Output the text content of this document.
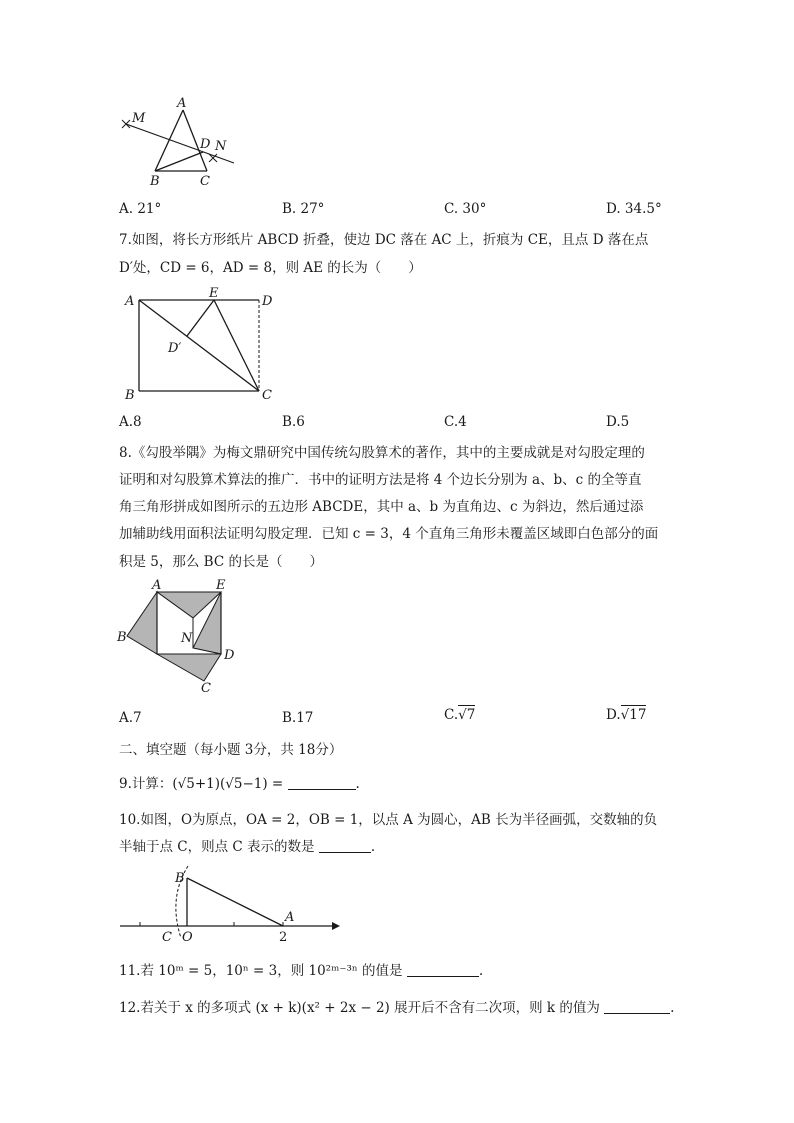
A
M
D N
B	C
A. 21°	B. 27°	C. 30°	D. 34.5°
7.如图，将长方形纸片 ABCD 折叠，使边 DC 落在 AC 上，折痕为 CE，且点 D 落在点
D′处，CD = 6，AD = 8，则 AE 的长为（　　）
A
E
D
D′
B	C
A.8	B.6	C.4	D.5
8.《勾股举隅》为梅文鼎研究中国传统勾股算术的著作，其中的主要成就是对勾股定理的
证明和对勾股算术算法的推广．书中的证明方法是将 4 个边长分别为 a、b、c 的全等直
角三角形拼成如图所示的五边形 ABCDE，其中 a、b 为直角边、c 为斜边，然后通过添
加辅助线用面积法证明勾股定理．已知 c = 3，4 个直角三角形未覆盖区域即白色部分的面
积是 5，那么 BC 的长是（　　）
A	E
B	N
D
C
A.7	B.17	C.√7	D.√17
二、填空题（每小题 3分，共 18分）
9.计算：(√5+1)(√5−1) =	.
10.如图，O为原点，OA = 2，OB = 1，以点 A 为圆心，AB 长为半径画弧，交数轴的负
半轴于点 C，则点 C 表示的数是	.
B
A
C O	2
11.若 10ᵐ = 5，10ⁿ = 3，则 10²ᵐ⁻³ⁿ 的值是	.
12.若关于 x 的多项式 (x + k)(x² + 2x − 2) 展开后不含有二次项，则 k 的值为	.
